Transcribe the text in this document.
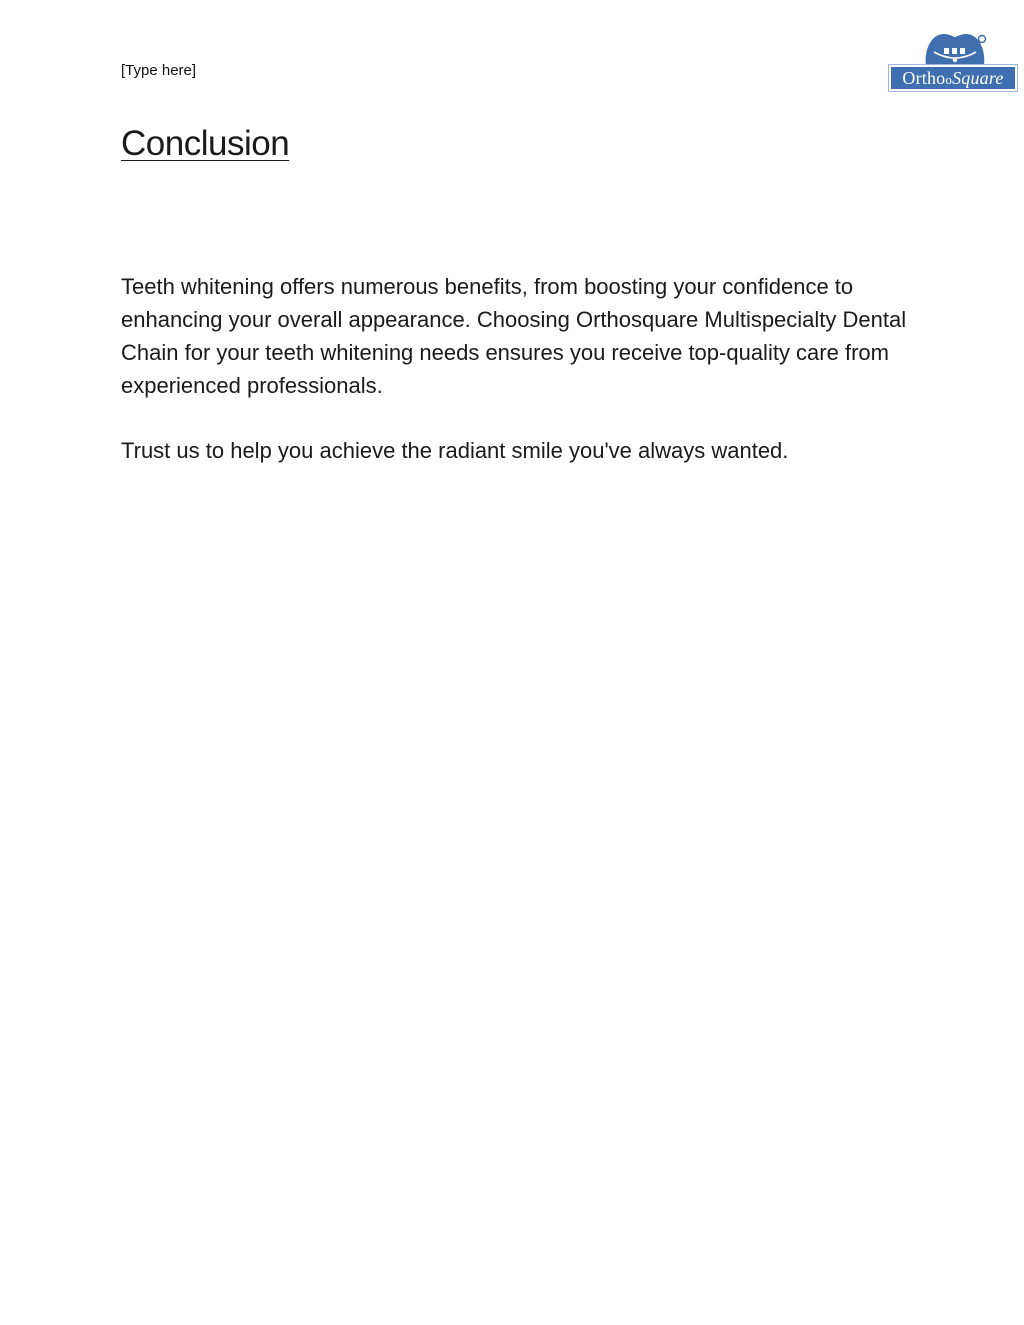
[Type here]	OrthooSquare
Conclusion

Teeth whitening offers numerous benefits, from boosting your confidence to enhancing your overall appearance. Choosing Orthosquare Multispecialty Dental Chain for your teeth whitening needs ensures you receive top-quality care from experienced professionals.

Trust us to help you achieve the radiant smile you've always wanted.
